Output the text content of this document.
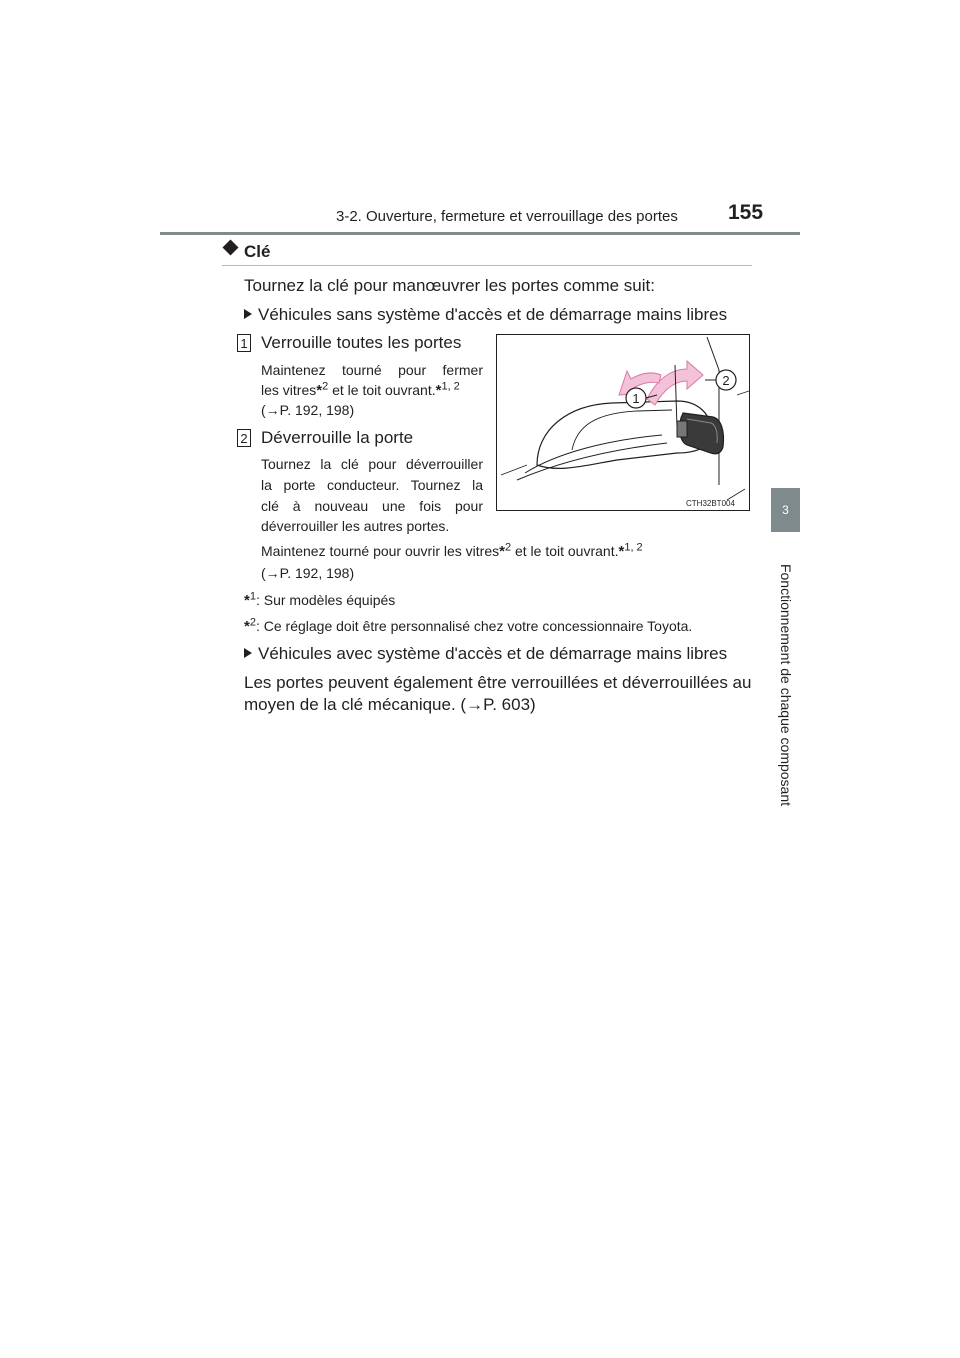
3-2. Ouverture, fermeture et verrouillage des portes 155
3
Fonctionnement de chaque composant
Clé
Tournez la clé pour manœuvrer les portes comme suit:
Véhicules sans système d'accès et de démarrage mains libres
1 Verrouille toutes les portes
Maintenez tourné pour fermer
les vitres*$^2$ et le toit ouvrant.*$^{1, 2}$
(→P. 192, 198)
2 Déverrouille la porte
Tournez la clé pour déverrouiller
la porte conducteur. Tournez la
clé à nouveau une fois pour
déverrouiller les autres portes.
Maintenez tourné pour ouvrir les vitres*$^2$ et le toit ouvrant.*$^{1, 2}$
(→P. 192, 198)
*$^1$: Sur modèles équipés
*$^2$: Ce réglage doit être personnalisé chez votre concessionnaire Toyota.
Véhicules avec système d'accès et de démarrage mains libres
Les portes peuvent également être verrouillées et déverrouillées au
moyen de la clé mécanique. (→P. 603)
1
2
CTH32BT004
